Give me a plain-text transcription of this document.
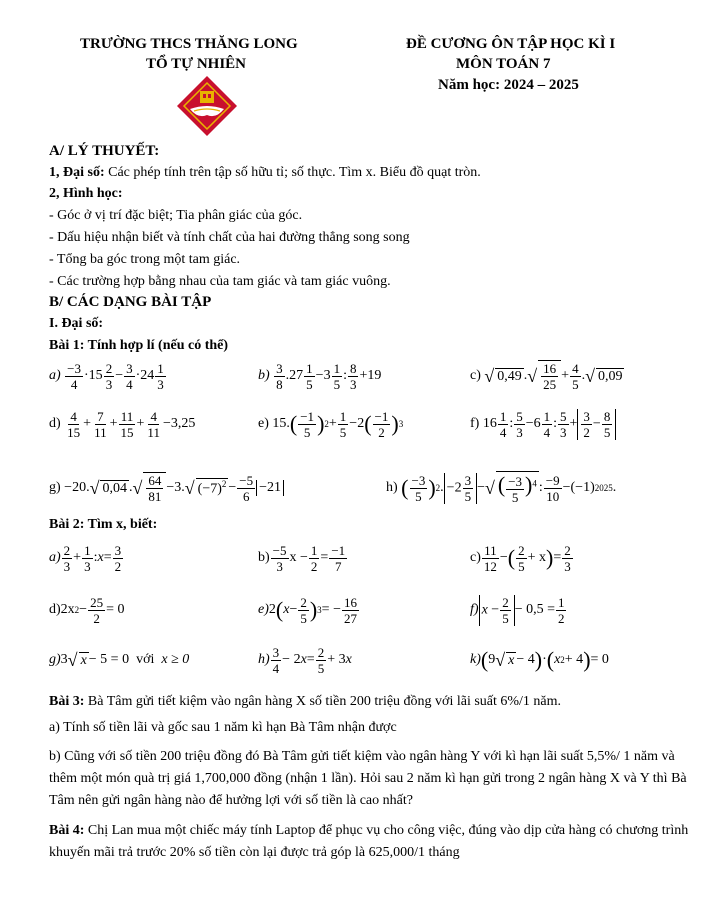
TRƯỜNG THCS THĂNG LONG
TỔ TỰ NHIÊN
ĐỀ CƯƠNG ÔN TẬP HỌC KÌ I
MÔN TOÁN 7
Năm học: 2024 – 2025
A/ LÝ THUYẾT:
1, Đại số: Các phép tính trên tập số hữu tỉ; số thực. Tìm x. Biểu đồ quạt tròn.
2, Hình học:
- Góc ở vị trí đặc biệt; Tia phân giác của góc.
- Dấu hiệu nhận biết và tính chất của hai đường thẳng song song
- Tổng ba góc trong một tam giác.
- Các trường hợp bằng nhau của tam giác và tam giác vuông.
B/ CÁC DẠNG BÀI TẬP
I. Đại số:
Bài 1: Tính hợp lí (nếu có thể)
a)
−3
4
·15 2
3
− 3
4
·24 1
3
b)
3
8
.27 1
5
−3 1
5
: 8
3
+19	c)
√ 0,49 . √ $\frac{16}{25} + 4$
5
. √ 0,09
d)
4
15
+ 7
11
+ 11
15
+ 4
11
−3,25	e) 15. ( −1
5 ) 2 + 1
5
−2 ( −1
2 ) 3	f) 16 1
4
: 5
3
−6 1
4
: 5
3
+ $\frac{3}{2} - \frac{8}{5}$
g) −20. √ 0,04 . √ $\frac{64}{81} -3$. √ $(-7)^2 - -5$
6
−21	h)
( −3
5 ) 2 . $-2 \frac{3}{5}$ − √ ( $\frac{-3}{5} )^4$ : −9
10
−(−1) 2025 .
Bài 2: Tìm x, biết:
a) 2
3
+ 1
3
: x = 3
2
b) −5
3
x − 1
2
= −1
7
c) 11
12
− ( 2
5
+ x ) = 2
3
d) 2x 2 − 25
2
= 0	e) 2 ( x − 2
5 ) 3 = − 16
27
f) $x - \frac{2}{5} - 0,5 = 1$
2
g) 3 √ x − 5 = 0 với
x ≥ 0	h) 3
4
− 2 x = 2
5
+ 3 x	k) ( 9 √ x − 4 ) · ( x 2 + 4 ) = 0
Bài 3: Bà Tâm gửi tiết kiệm vào ngân hàng X số tiền 200 triệu đồng với lãi suất 6%/1 năm.
a) Tính số tiền lãi và gốc sau 1 năm kì hạn Bà Tâm nhận được
b) Cũng với số tiền 200 triệu đồng đó Bà Tâm gửi tiết kiệm vào ngân hàng Y với kì hạn lãi suất 5,5%/ 1 năm và thêm một món quà trị giá 1,700,000 đồng (nhận 1 lần). Hỏi sau 2 năm kì hạn gửi trong 2 ngân hàng X và Y thì Bà Tâm nên gửi ngân hàng nào để hưởng lợi với số tiền là cao nhất?
Bài 4: Chị Lan mua một chiếc máy tính Laptop để phục vụ cho công việc, đúng vào dịp cửa hàng có chương trình khuyến mãi trả trước 20% số tiền còn lại được trả góp là 625,000/1 tháng
